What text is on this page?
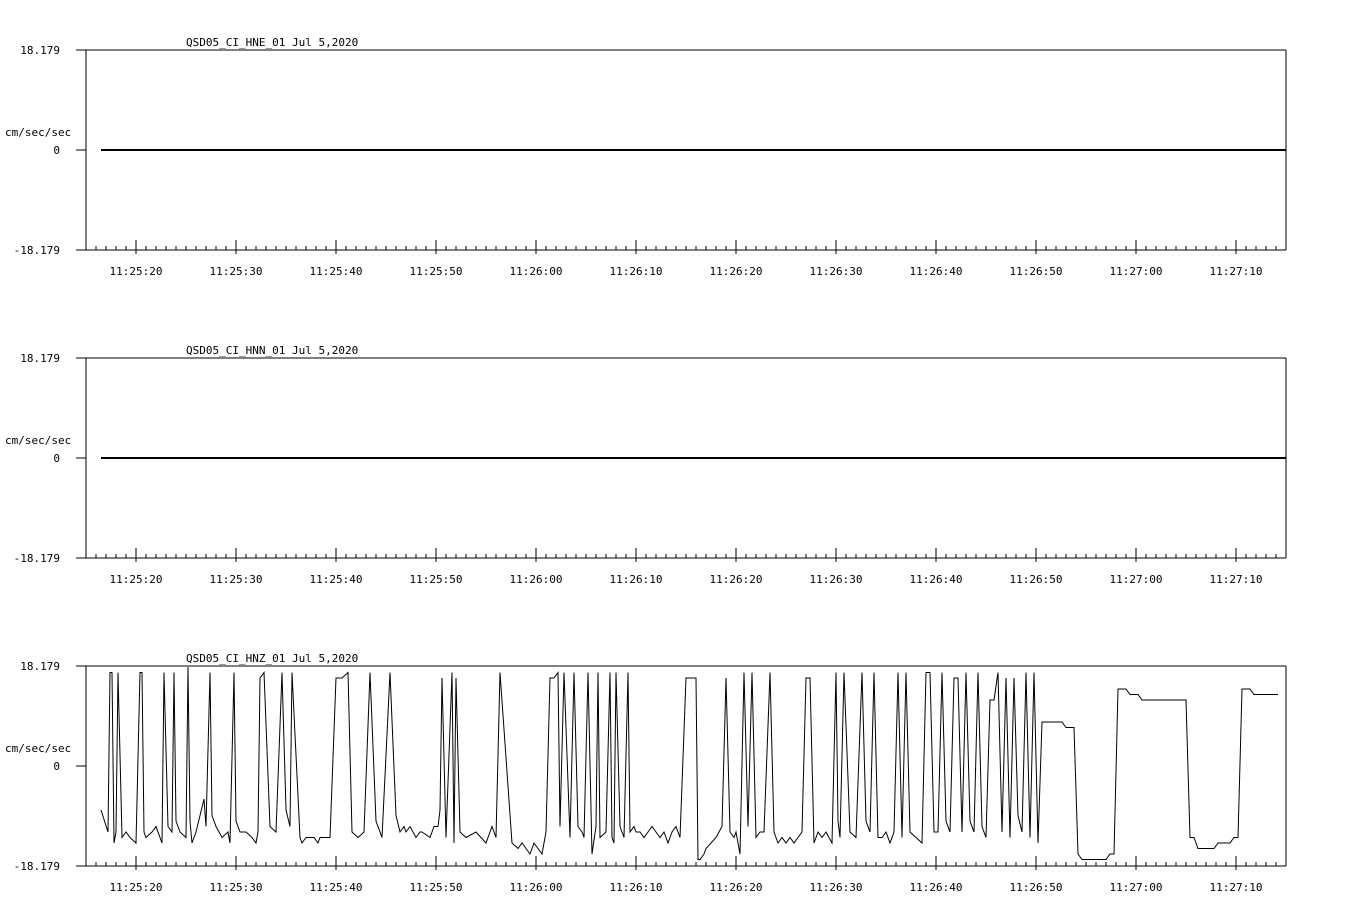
18.179
0
-18.179
cm/sec/sec
QSD05_CI_HNE_01 Jul 5,2020
11:25:20	11:25:30	11:25:40	11:25:50	11:26:00	11:26:10	11:26:20	11:26:30	11:26:40	11:26:50	11:27:00	11:27:10
18.179
0
-18.179
cm/sec/sec
QSD05_CI_HNN_01 Jul 5,2020
11:25:20	11:25:30	11:25:40	11:25:50	11:26:00	11:26:10	11:26:20	11:26:30	11:26:40	11:26:50	11:27:00	11:27:10
18.179
0
-18.179
cm/sec/sec
QSD05_CI_HNZ_01 Jul 5,2020
11:25:20	11:25:30	11:25:40	11:25:50	11:26:00	11:26:10	11:26:20	11:26:30	11:26:40	11:26:50	11:27:00	11:27:10
